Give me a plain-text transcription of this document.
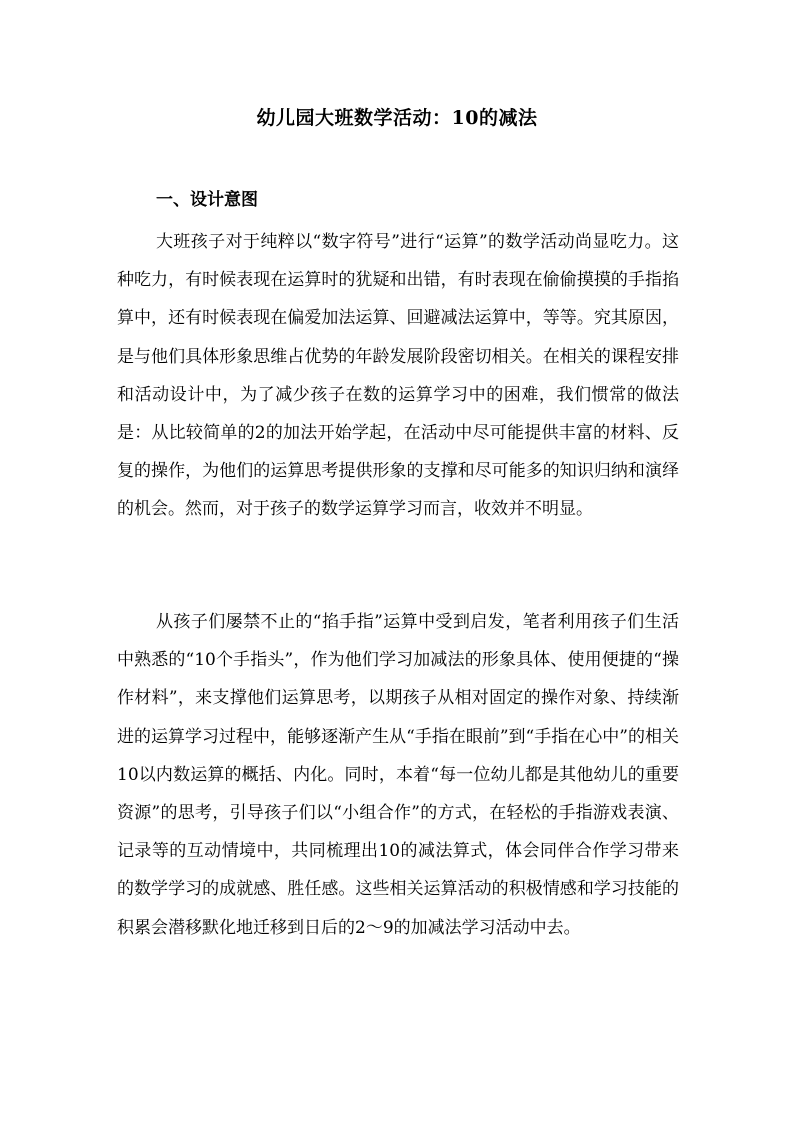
幼儿园大班数学活动：10的减法
一、设计意图

大班孩子对于纯粹以“数字符号”进行“运算”的数学活动尚显吃力。这种吃力，有时候表现在运算时的犹疑和出错，有时表现在偷偷摸摸的手指掐算中，还有时候表现在偏爱加法运算、回避减法运算中，等等。究其原因，是与他们具体形象思维占优势的年龄发展阶段密切相关。在相关的课程安排和活动设计中，为了减少孩子在数的运算学习中的困难，我们惯常的做法是：从比较简单的2的加法开始学起，在活动中尽可能提供丰富的材料、反复的操作，为他们的运算思考提供形象的支撑和尽可能多的知识归纳和演绎的机会。然而，对于孩子的数学运算学习而言，收效并不明显。

从孩子们屡禁不止的“掐手指”运算中受到启发，笔者利用孩子们生活中熟悉的“10个手指头”，作为他们学习加减法的形象具体、使用便捷的“操作材料”，来支撑他们运算思考，以期孩子从相对固定的操作对象、持续渐进的运算学习过程中，能够逐渐产生从“手指在眼前”到“手指在心中”的相关10以内数运算的概括、内化。同时，本着“每一位幼儿都是其他幼儿的重要资源”的思考，引导孩子们以“小组合作”的方式，在轻松的手指游戏表演、记录等的互动情境中，共同梳理出10的减法算式，体会同伴合作学习带来的数学学习的成就感、胜任感。这些相关运算活动的积极情感和学习技能的积累会潜移默化地迁移到日后的2～9的加减法学习活动中去。
